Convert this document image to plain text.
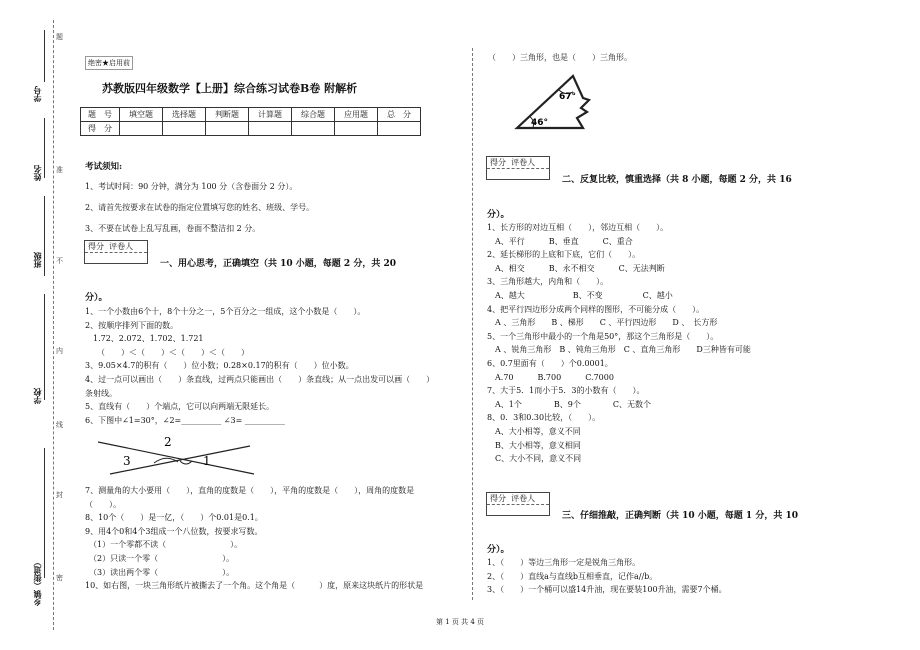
学号
姓名
班级
学校
乡镇（街道） 密
封
线
内
不
准
题
绝密★启用前
苏教版四年级数学【上册】综合练习试卷B卷 附解析
题　号	填空题	选择题	判断题	计算题	综合题	应用题	总　分
得　分							
考试须知:
1、考试时间：90 分钟，满分为 100 分（含卷面分 2 分）。
2、请首先按要求在试卷的指定位置填写您的姓名、班级、学号。
3、不要在试卷上乱写乱画，卷面不整洁扣 2 分。
得分 评卷人
一、用心思考，正确填空（共 10 小题，每题 2 分，共 20
分）。
1、一个小数由6个十，8个十分之一，5个百分之一组成，这个小数是（　　）。
2、按顺序排列下面的数。
　1.72、2.072、1.702、1.721
　　（　　）＜（　　）＜（　　）＜（　　）
3、9.05×4.7的积有（　　）位小数；0.28×0.17的积有（　　）位小数。
4、过一点可以画出（　　）条直线，过两点只能画出（　　）条直线；从一点出发可以画（　　）
条射线。
5、直线有（　　）个端点，它可以向两端无限延长。
6、下图中∠1=30°，∠2=__________ ∠3= __________
2
3	1
7、测量角的大小要用（　　），直角的度数是（　　），平角的度数是（　　），周角的度数是
（　　）。
8、10个（　　）是一亿，（　　）个0.01是0.1。
9、用4个0和4个3组成一个八位数，按要求写数。
　（1）一个零都不读（　　　　　　　　）。
　（2）只读一个零（　　　　　　　　）。
　（3）读出两个零（　　　　　　　　）。
10、如右图，一块三角形纸片被撕去了一个角。这个角是（　　　）度，原来这块纸片的形状是
（　　）三角形，也是（　　）三角形。
67°
46°
得分 评卷人
二、反复比较，慎重选择（共 8 小题，每题 2 分，共 16
分）。
1、长方形的对边互相（　　），邻边互相（　　）。
　A、平行　　　B、垂直　　　C、重合
2、延长梯形的上底和下底，它们（　　）。
　A、相交　　　B、永不相交　　　C、无法判断
3、三角形越大，内角和（　　）。
　A、越大　　　　　　B、不变　　　　　C、越小
4、把平行四边形分成两个同样的图形，不可能分成（　　）。
　A 、三角形　　B 、梯形　　C 、平行四边形　　D 、　长方形
5、一个三角形中最小的一个角是50°，那这个三角形是（　　）。
　A 、锐角三角形　B 、钝角三角形　C 、直角三角形　　D三种皆有可能
6、0.7里面有（　　）个0.0001。
　A.70　　　B.700　　　C.7000
7、大于5．1而小于5．3的小数有（　　）。
　A、1个　　　　B、9个　　　　C、无数个
8、0．3和0.30比较，（　　）。
　A、大小相等，意义不同
　B、大小相等，意义相同
　C、大小不同，意义不同
得分 评卷人
三、仔细推敲，正确判断（共 10 小题，每题 1 分，共 10
分）。
1、（　　）等边三角形一定是锐角三角形。
2、（　　）直线a与直线b互相垂直，记作a//b。
3、（　　）一个桶可以盛14升油，现在要装100升油，需要7个桶。
第 1 页 共 4 页
